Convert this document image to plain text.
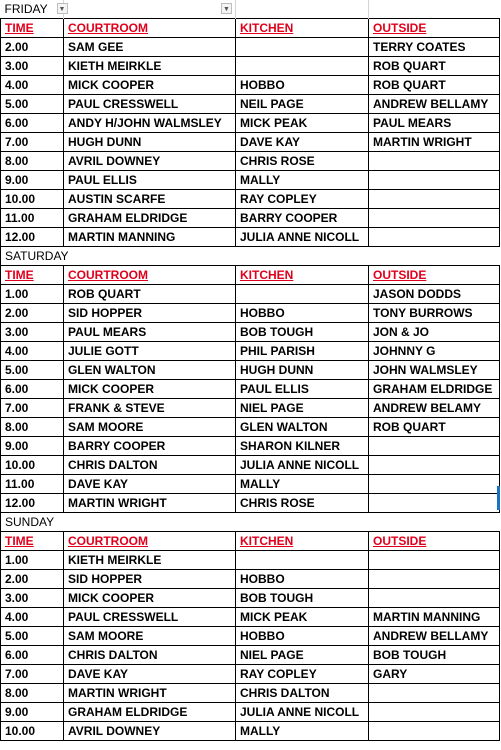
FRIDAY ▼	▼		

TIME	COURTROOM	KITCHEN	OUTSIDE
2.00	SAM GEE		TERRY COATES
3.00	KIETH MEIRKLE		ROB QUART
4.00	MICK COOPER	HOBBO	ROB QUART
5.00	PAUL CRESSWELL	NEIL PAGE	ANDREW BELLAMY
6.00	ANDY H/JOHN WALMSLEY	MICK PEAK	PAUL MEARS
7.00	HUGH DUNN	DAVE KAY	MARTIN WRIGHT
8.00	AVRIL DOWNEY	CHRIS ROSE	
9.00	PAUL ELLIS	MALLY	
10.00	AUSTIN SCARFE	RAY COPLEY	
11.00	GRAHAM ELDRIDGE	BARRY COOPER	
12.00	MARTIN MANNING	JULIA ANNE NICOLL	
SATURDAY			
TIME	COURTROOM	KITCHEN	OUTSIDE
1.00	ROB QUART		JASON DODDS
2.00	SID HOPPER	HOBBO	TONY BURROWS
3.00	PAUL MEARS	BOB TOUGH	JON & JO
4.00	JULIE GOTT	PHIL PARISH	JOHNNY G
5.00	GLEN WALTON	HUGH DUNN	JOHN WALMSLEY
6.00	MICK COOPER	PAUL ELLIS	GRAHAM ELDRIDGE
7.00	FRANK & STEVE	NIEL PAGE	ANDREW BELAMY
8.00	SAM MOORE	GLEN WALTON	ROB QUART
9.00	BARRY COOPER	SHARON KILNER	
10.00	CHRIS DALTON	JULIA ANNE NICOLL	
11.00	DAVE KAY	MALLY	
12.00	MARTIN WRIGHT	CHRIS ROSE	
SUNDAY			
TIME	COURTROOM	KITCHEN	OUTSIDE
1.00	KIETH MEIRKLE		
2.00	SID HOPPER	HOBBO	
3.00	MICK COOPER	BOB TOUGH	
4.00	PAUL CRESSWELL	MICK PEAK	MARTIN MANNING
5.00	SAM MOORE	HOBBO	ANDREW BELLAMY
6.00	CHRIS DALTON	NIEL PAGE	BOB TOUGH
7.00	DAVE KAY	RAY COPLEY	GARY
8.00	MARTIN WRIGHT	CHRIS DALTON	
9.00	GRAHAM ELDRIDGE	JULIA ANNE NICOLL	
10.00	AVRIL DOWNEY	MALLY	
